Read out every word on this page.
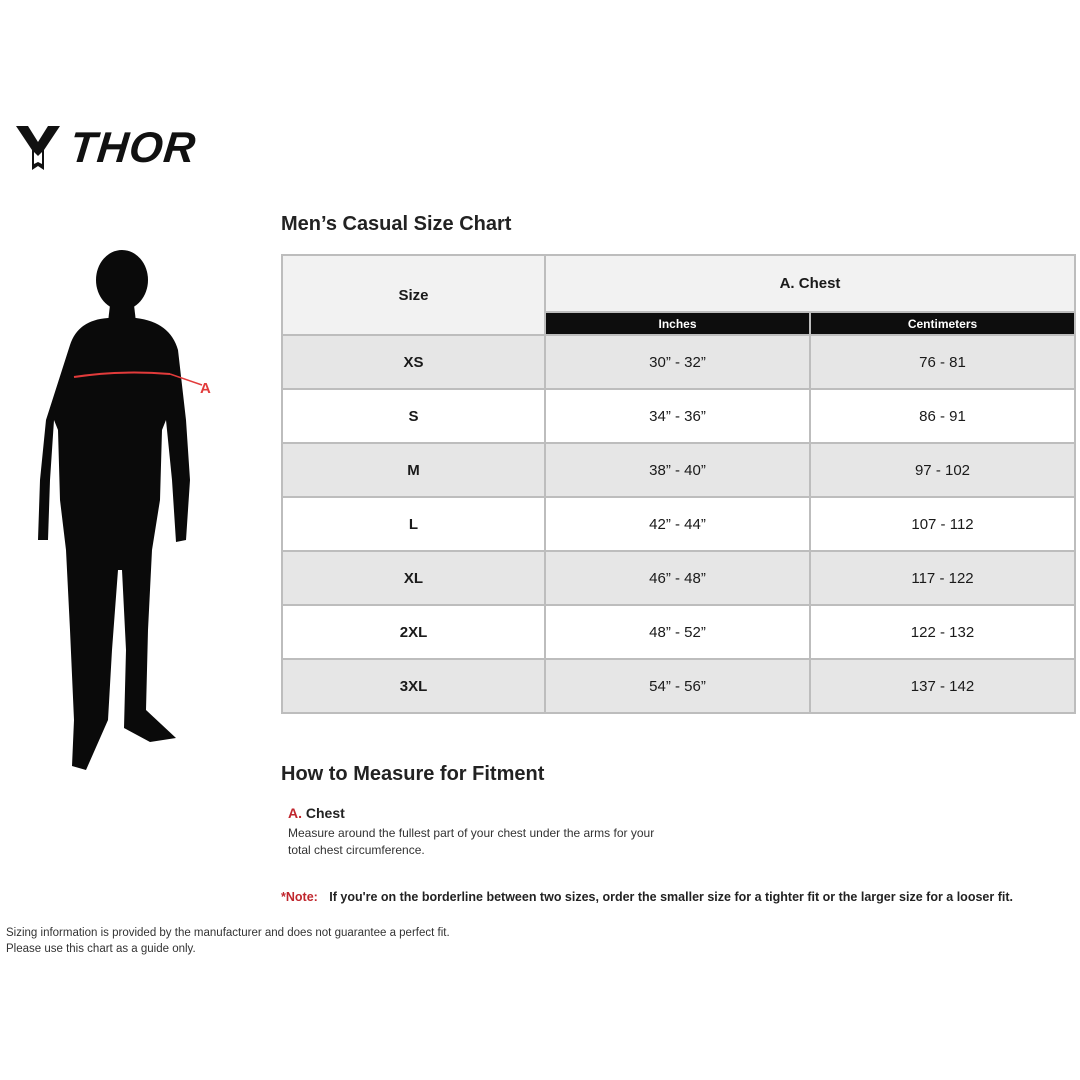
THOR
A
Men’s Casual Size Chart
Size	A. Chest	
	Inches	Centimeters
XS	30” - 32”	76 - 81
S	34” - 36”	86 - 91
M	38” - 40”	97 - 102
L	42” - 44”	107 - 112
XL	46” - 48”	117 - 122
2XL	48” - 52”	122 - 132
3XL	54” - 56”	137 - 142
How to Measure for Fitment
A. Chest
Measure around the fullest part of your chest under the arms for your
total chest circumference.
*Note: If you're on the borderline between two sizes, order the smaller size for a tighter fit or the larger size for a looser fit.
Sizing information is provided by the manufacturer and does not guarantee a perfect fit.
Please use this chart as a guide only.
